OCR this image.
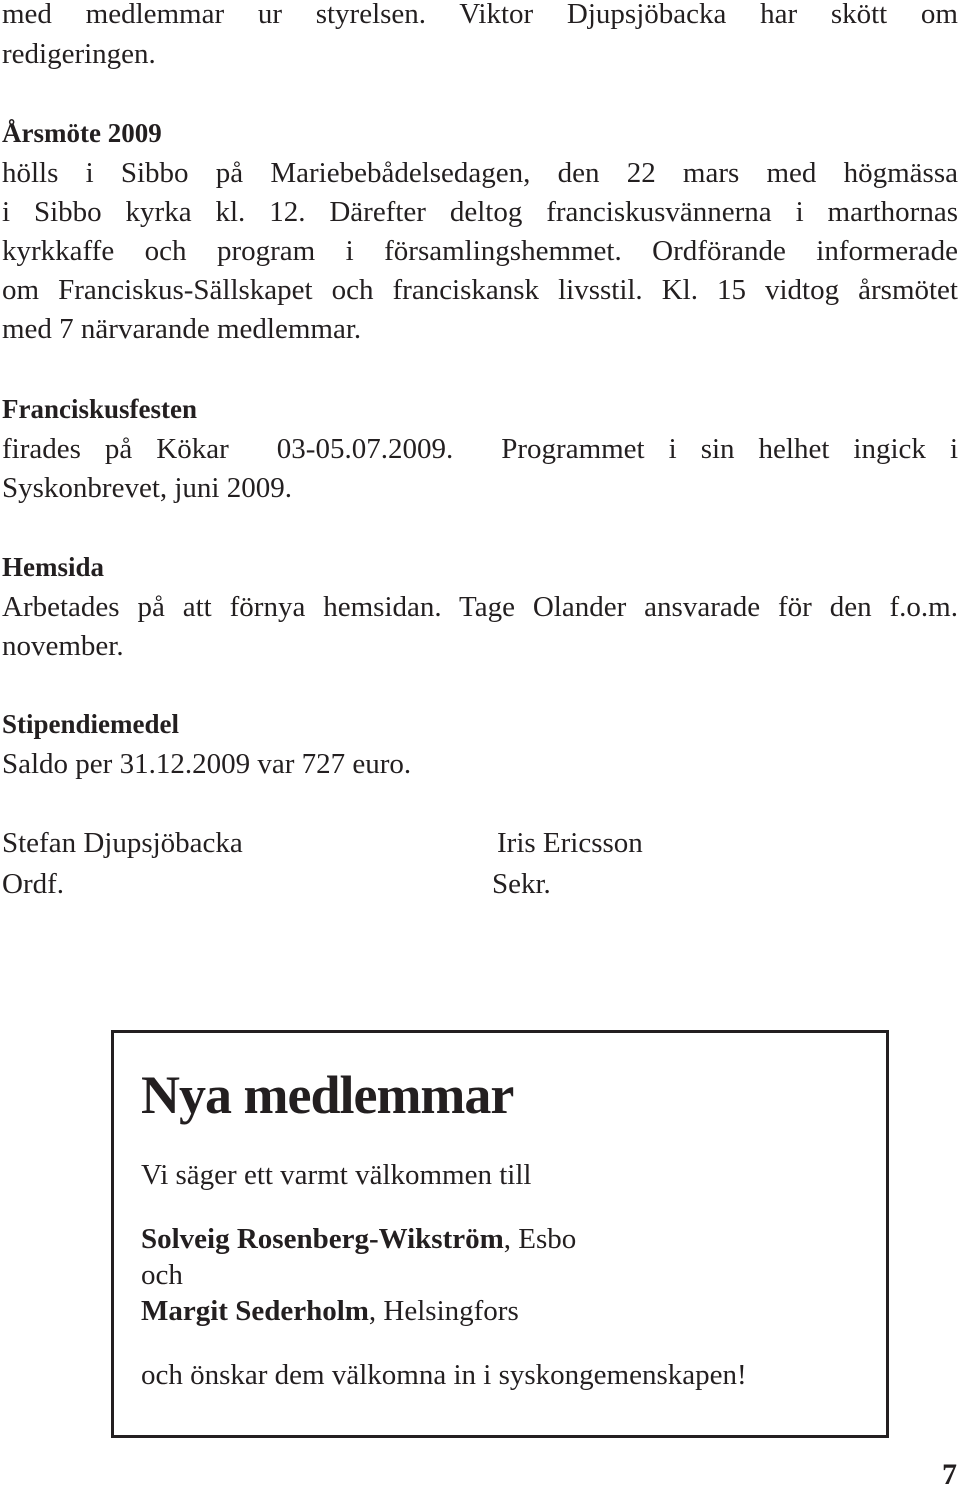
med medlemmar ur styrelsen. Viktor Djupsjöbacka har skött om
redigeringen.
Årsmöte 2009
hölls i Sibbo på Mariebebådelsedagen, den 22 mars med högmässa
i Sibbo kyrka kl. 12. Därefter deltog franciskusvännerna i marthornas
kyrkkaffe och program i församlingshemmet. Ordförande informerade
om Franciskus-Sällskapet och franciskansk livsstil. Kl. 15 vidtog årsmötet
med 7 närvarande medlemmar.
Franciskusfesten
firades på Kökar  03-05.07.2009.  Programmet i sin helhet ingick i
Syskonbrevet, juni 2009.
Hemsida
Arbetades på att förnya hemsidan. Tage Olander ansvarade för den f.o.m.
november.
Stipendiemedel
Saldo per 31.12.2009 var 727 euro.
Stefan Djupsjöbacka
Ordf.
Iris Ericsson
Sekr.
Nya medlemmar
Vi säger ett varmt välkommen till
Solveig Rosenberg-Wikström, Esbo
och
Margit Sederholm, Helsingfors
och önskar dem välkomna in i syskongemenskapen!
7
